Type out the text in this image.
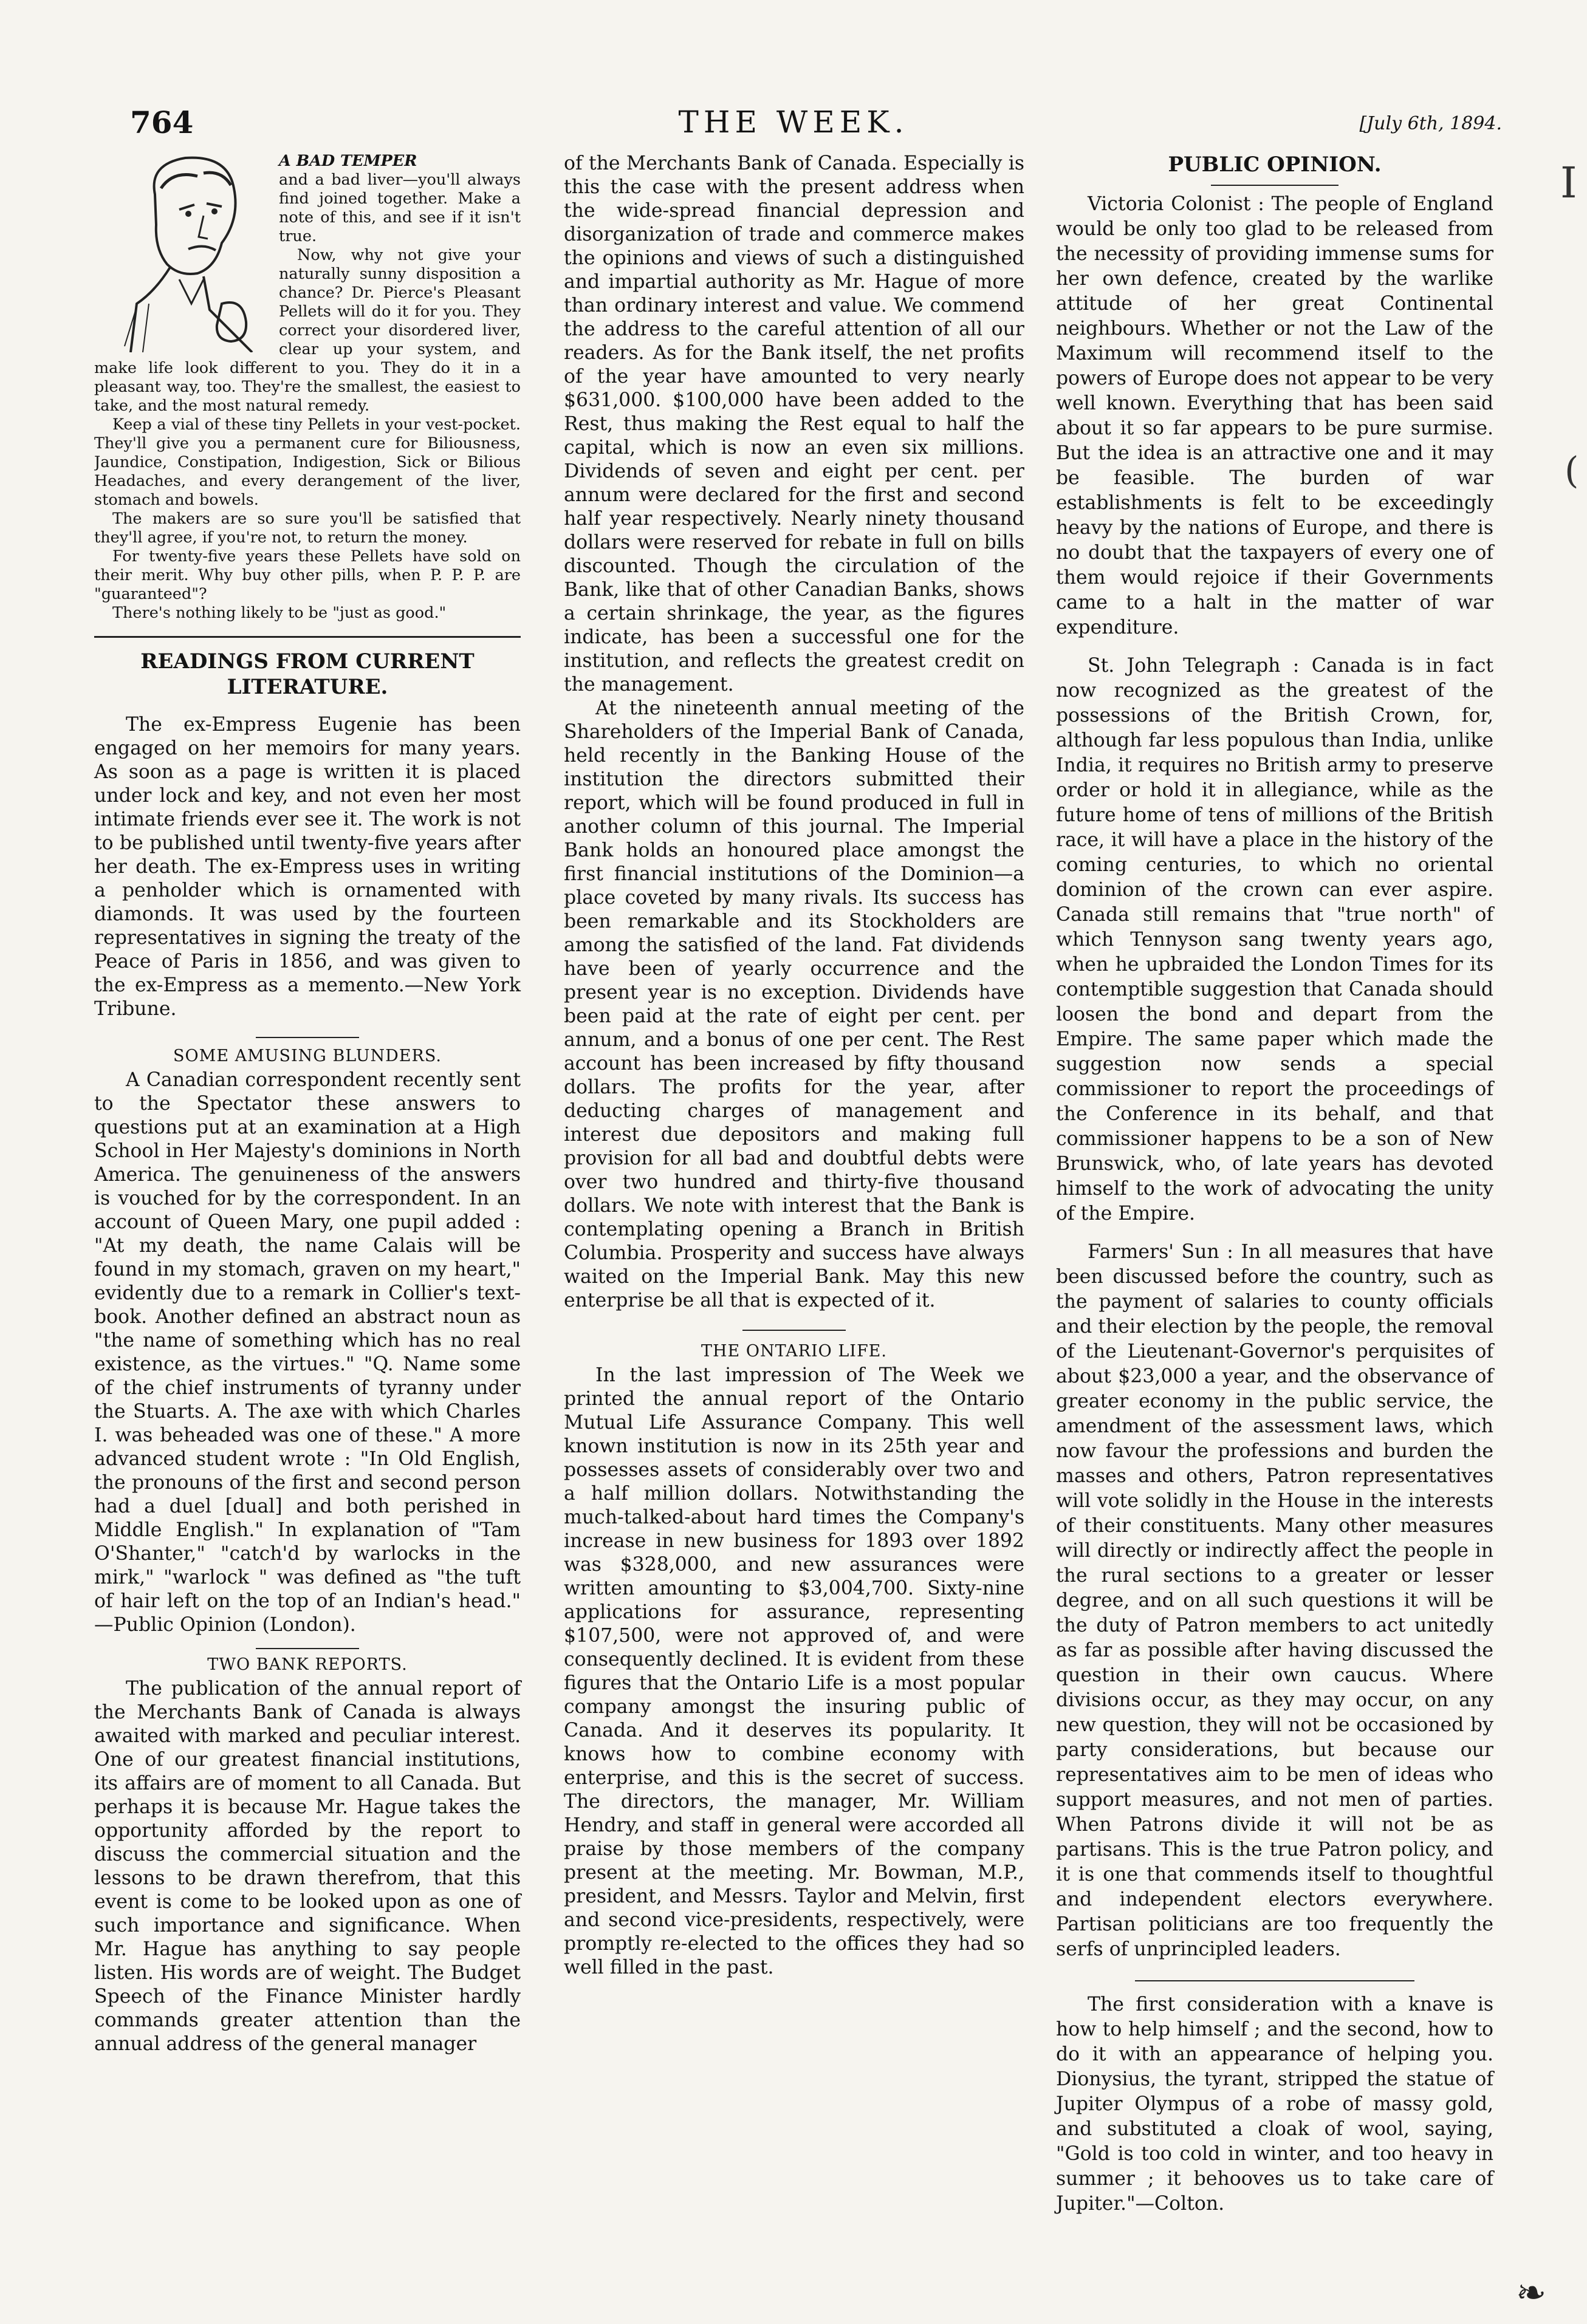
764	THE WEEK.	[July 6th, 1894.

A BAD TEMPER

and a bad liver—you'll always find joined together. Make a note of this, and see if it isn't true.

Now, why not give your naturally sunny disposition a chance? Dr. Pierce's Pleasant Pellets will do it for you. They correct your disordered liver, clear up your system, and make life look different to you. They do it in a pleasant way, too. They're the smallest, the easiest to take, and the most natural remedy.

Keep a vial of these tiny Pellets in your vest-pocket. They'll give you a permanent cure for Biliousness, Jaundice, Constipation, Indigestion, Sick or Bilious Headaches, and every derangement of the liver, stomach and bowels.

The makers are so sure you'll be satisfied that they'll agree, if you're not, to return the money.

For twenty-five years these Pellets have sold on their merit. Why buy other pills, when P. P. P. are "guaranteed"?

There's nothing likely to be "just as good."

READINGS FROM CURRENT LITERATURE.

The ex-Empress Eugenie has been engaged on her memoirs for many years. As soon as a page is written it is placed under lock and key, and not even her most intimate friends ever see it. The work is not to be published until twenty-five years after her death. The ex-Empress uses in writing a penholder which is ornamented with diamonds. It was used by the fourteen representatives in signing the treaty of the Peace of Paris in 1856, and was given to the ex-Empress as a memento.—New York Tribune.

SOME AMUSING BLUNDERS.

A Canadian correspondent recently sent to the Spectator these answers to questions put at an examination at a High School in Her Majesty's dominions in North America. The genuineness of the answers is vouched for by the correspondent. In an account of Queen Mary, one pupil added : "At my death, the name Calais will be found in my stomach, graven on my heart," evidently due to a remark in Collier's text-book. Another defined an abstract noun as "the name of something which has no real existence, as the virtues." "Q. Name some of the chief instruments of tyranny under the Stuarts. A. The axe with which Charles I. was beheaded was one of these." A more advanced student wrote : "In Old English, the pronouns of the first and second person had a duel [dual] and both perished in Middle English." In explanation of "Tam O'Shanter," "catch'd by warlocks in the mirk," "warlock " was defined as "the tuft of hair left on the top of an Indian's head." —Public Opinion (London).

TWO BANK REPORTS.

The publication of the annual report of the Merchants Bank of Canada is always awaited with marked and peculiar interest. One of our greatest financial institutions, its affairs are of moment to all Canada. But perhaps it is because Mr. Hague takes the opportunity afforded by the report to discuss the commercial situation and the lessons to be drawn therefrom, that this event is come to be looked upon as one of such importance and significance. When Mr. Hague has anything to say people listen. His words are of weight. The Budget Speech of the Finance Minister hardly commands greater attention than the annual address of the general manager

of the Merchants Bank of Canada. Especially is this the case with the present address when the wide-spread financial depression and disorganization of trade and commerce makes the opinions and views of such a distinguished and impartial authority as Mr. Hague of more than ordinary interest and value. We commend the address to the careful attention of all our readers. As for the Bank itself, the net profits of the year have amounted to very nearly $631,000. $100,000 have been added to the Rest, thus making the Rest equal to half the capital, which is now an even six millions. Dividends of seven and eight per cent. per annum were declared for the first and second half year respectively. Nearly ninety thousand dollars were reserved for rebate in full on bills discounted. Though the circulation of the Bank, like that of other Canadian Banks, shows a certain shrinkage, the year, as the figures indicate, has been a successful one for the institution, and reflects the greatest credit on the management.

At the nineteenth annual meeting of the Shareholders of the Imperial Bank of Canada, held recently in the Banking House of the institution the directors submitted their report, which will be found produced in full in another column of this journal. The Imperial Bank holds an honoured place amongst the first financial institutions of the Dominion—a place coveted by many rivals. Its success has been remarkable and its Stockholders are among the satisfied of the land. Fat dividends have been of yearly occurrence and the present year is no exception. Dividends have been paid at the rate of eight per cent. per annum, and a bonus of one per cent. The Rest account has been increased by fifty thousand dollars. The profits for the year, after deducting charges of management and interest due depositors and making full provision for all bad and doubtful debts were over two hundred and thirty-five thousand dollars. We note with interest that the Bank is contemplating opening a Branch in British Columbia. Prosperity and success have always waited on the Imperial Bank. May this new enterprise be all that is expected of it.

THE ONTARIO LIFE.

In the last impression of The Week we printed the annual report of the Ontario Mutual Life Assurance Company. This well known institution is now in its 25th year and possesses assets of considerably over two and a half million dollars. Notwithstanding the much-talked-about hard times the Company's increase in new business for 1893 over 1892 was $328,000, and new assurances were written amounting to $3,004,700. Sixty-nine applications for assurance, representing $107,500, were not approved of, and were consequently declined. It is evident from these figures that the Ontario Life is a most popular company amongst the insuring public of Canada. And it deserves its popularity. It knows how to combine economy with enterprise, and this is the secret of success. The directors, the manager, Mr. William Hendry, and staff in general were accorded all praise by those members of the company present at the meeting. Mr. Bowman, M.P., president, and Messrs. Taylor and Melvin, first and second vice-presidents, respectively, were promptly re-elected to the offices they had so well filled in the past.

PUBLIC OPINION.

Victoria Colonist : The people of England would be only too glad to be released from the necessity of providing immense sums for her own defence, created by the warlike attitude of her great Continental neighbours. Whether or not the Law of the Maximum will recommend itself to the powers of Europe does not appear to be very well known. Everything that has been said about it so far appears to be pure surmise. But the idea is an attractive one and it may be feasible. The burden of war establishments is felt to be exceedingly heavy by the nations of Europe, and there is no doubt that the taxpayers of every one of them would rejoice if their Governments came to a halt in the matter of war expenditure.

St. John Telegraph : Canada is in fact now recognized as the greatest of the possessions of the British Crown, for, although far less populous than India, unlike India, it requires no British army to preserve order or hold it in allegiance, while as the future home of tens of millions of the British race, it will have a place in the history of the coming centuries, to which no oriental dominion of the crown can ever aspire. Canada still remains that "true north" of which Tennyson sang twenty years ago, when he upbraided the London Times for its contemptible suggestion that Canada should loosen the bond and depart from the Empire. The same paper which made the suggestion now sends a special commissioner to report the proceedings of the Conference in its behalf, and that commissioner happens to be a son of New Brunswick, who, of late years has devoted himself to the work of advocating the unity of the Empire.

Farmers' Sun : In all measures that have been discussed before the country, such as the payment of salaries to county officials and their election by the people, the removal of the Lieutenant-Governor's perquisites of about $23,000 a year, and the observance of greater economy in the public service, the amendment of the assessment laws, which now favour the professions and burden the masses and others, Patron representatives will vote solidly in the House in the interests of their constituents. Many other measures will directly or indirectly affect the people in the rural sections to a greater or lesser degree, and on all such questions it will be the duty of Patron members to act unitedly as far as possible after having discussed the question in their own caucus. Where divisions occur, as they may occur, on any new question, they will not be occasioned by party considerations, but because our representatives aim to be men of ideas who support measures, and not men of parties. When Patrons divide it will not be as partisans. This is the true Patron policy, and it is one that commends itself to thoughtful and independent electors everywhere. Partisan politicians are too frequently the serfs of unprincipled leaders.

The first consideration with a knave is how to help himself ; and the second, how to do it with an appearance of helping you. Dionysius, the tyrant, stripped the statue of Jupiter Olympus of a robe of massy gold, and substituted a cloak of wool, saying, "Gold is too cold in winter, and too heavy in summer ; it behooves us to take care of Jupiter."—Colton.

❧
I
(
